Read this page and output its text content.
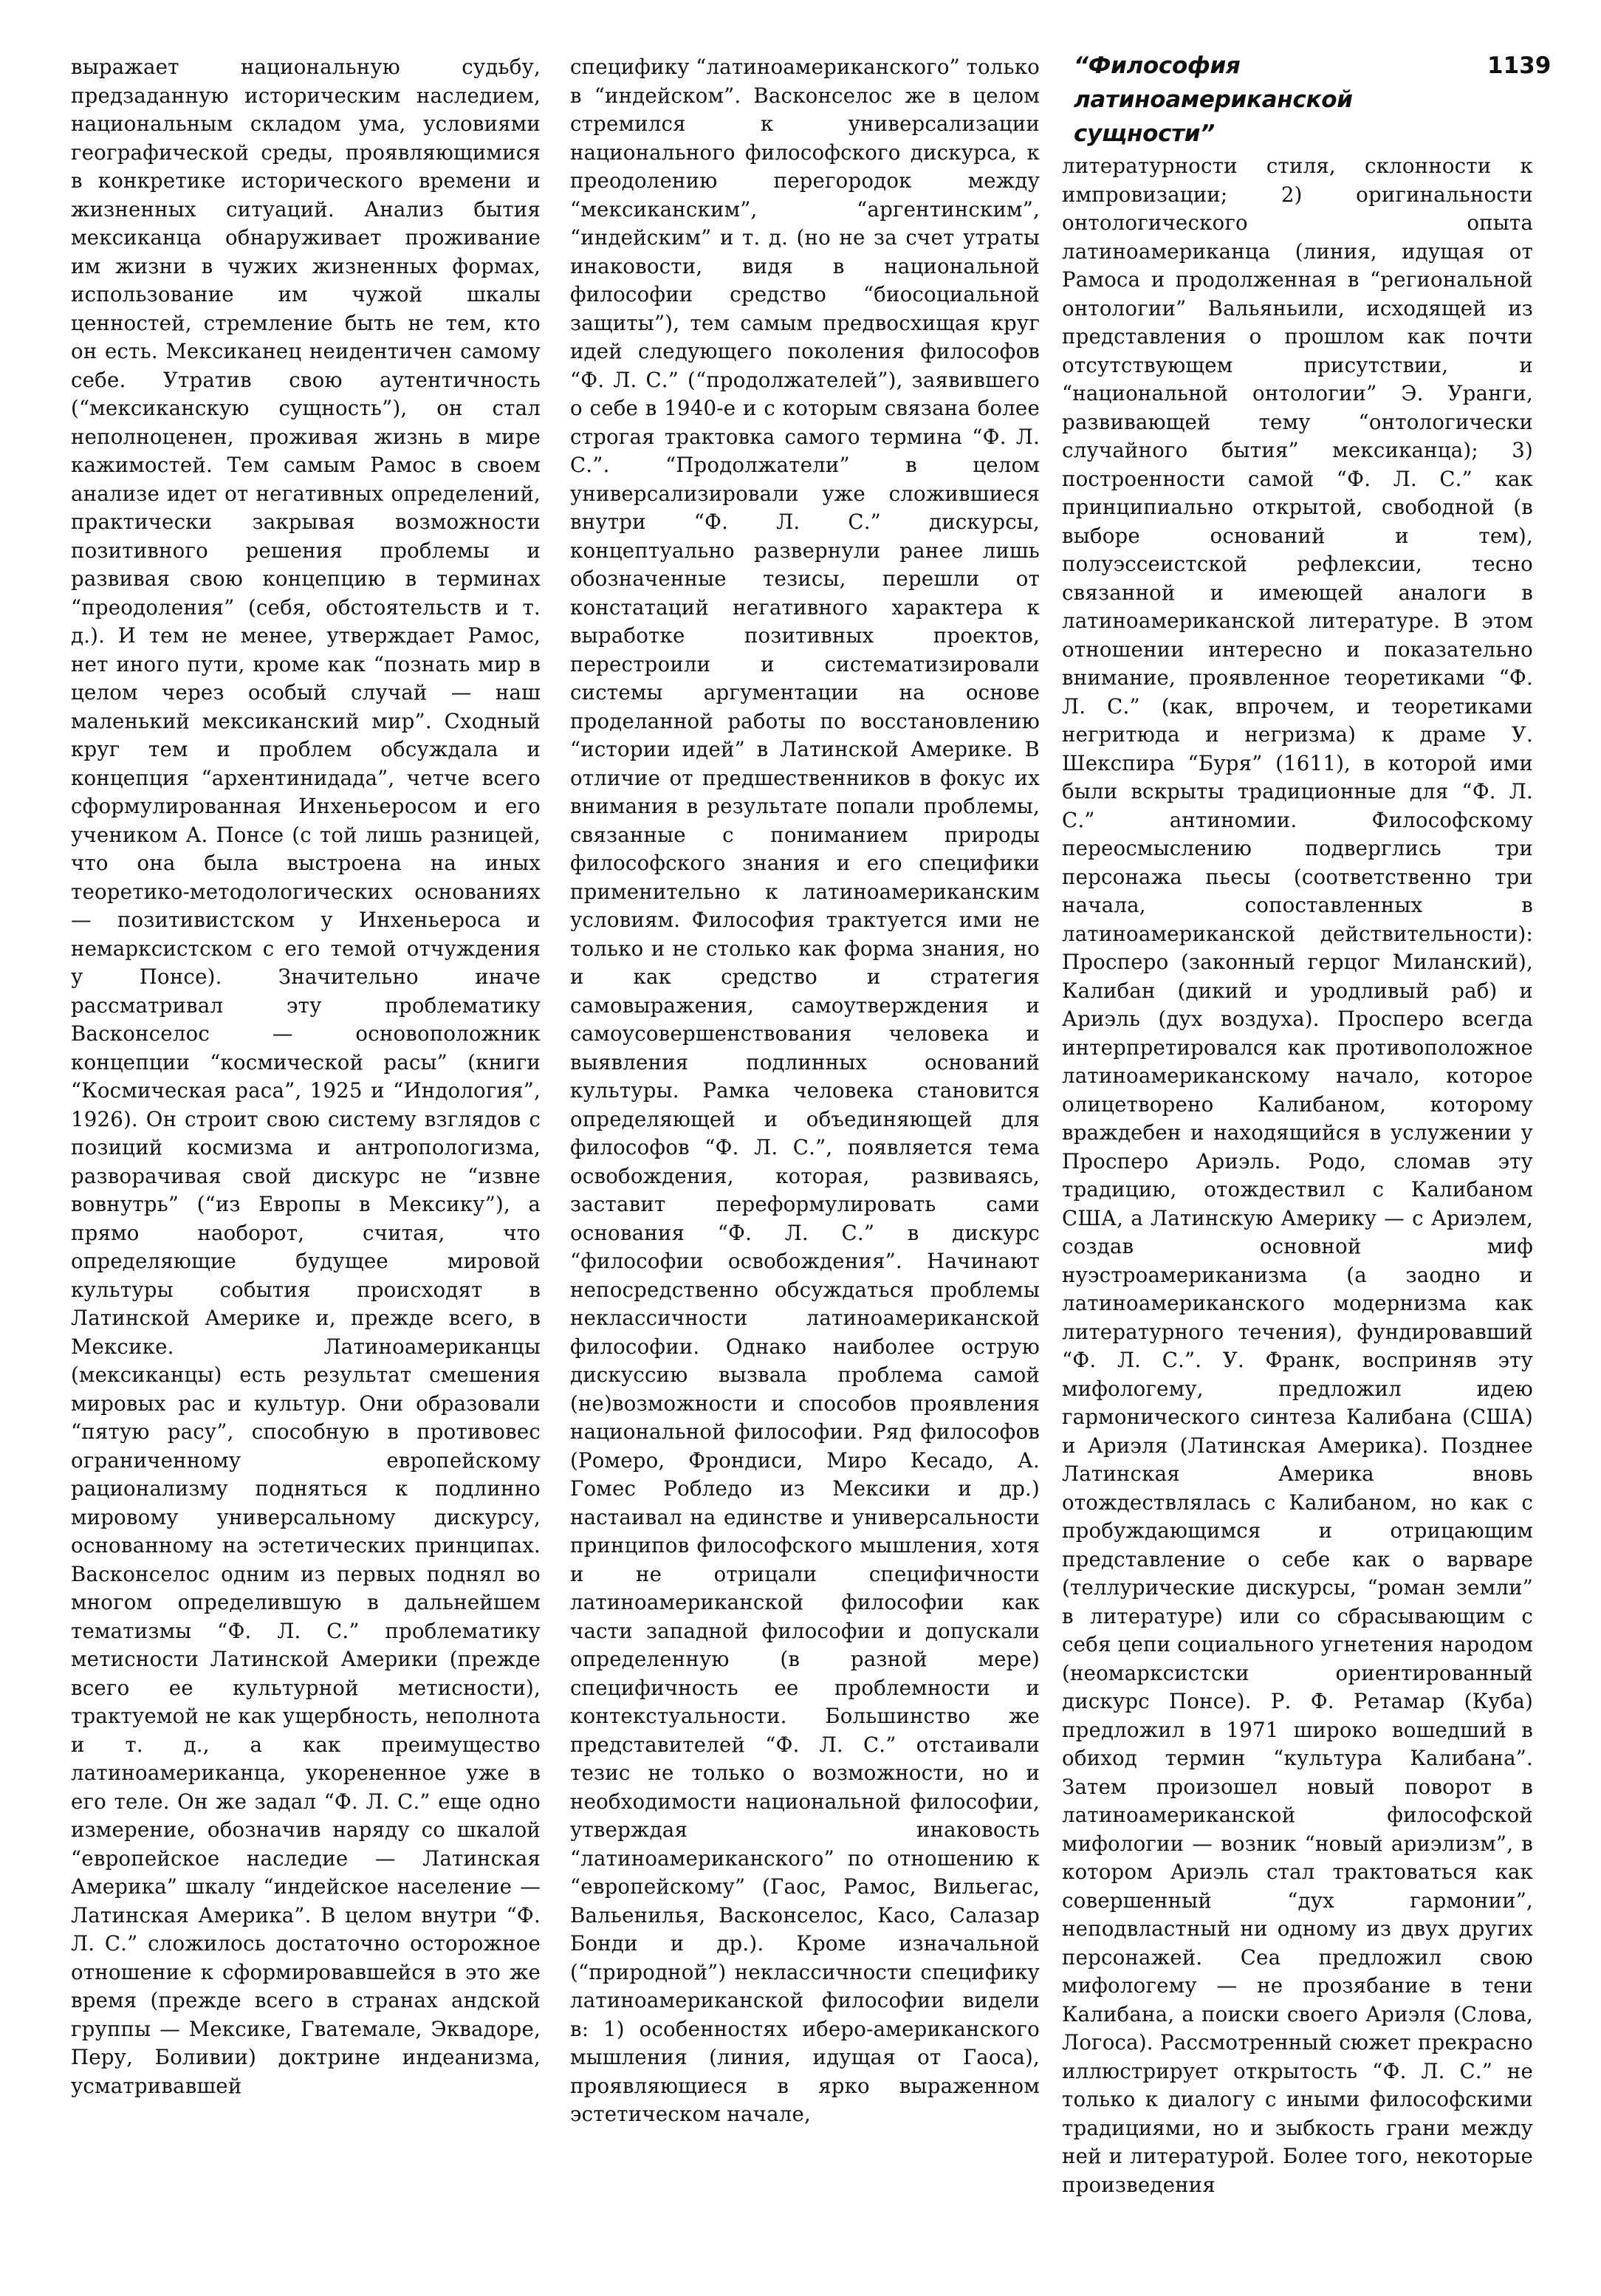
“Философия латиноамериканской сущности”
1139

выражает национальную судьбу, предзаданную историческим наследием, национальным складом ума, условиями географической среды, проявляющимися в конкретике исторического времени и жизненных ситуаций. Анализ бытия мексиканца обнаруживает проживание им жизни в чужих жизненных формах, использование им чужой шкалы ценностей, стремление быть не тем, кто он есть. Мексиканец неидентичен самому себе. Утратив свою аутентичность (“мексиканскую сущность”), он стал неполноценен, проживая жизнь в мире кажимостей. Тем самым Рамос в своем анализе идет от негативных определений, практически закрывая возможности позитивного решения проблемы и развивая свою концепцию в терминах “преодоления” (себя, обстоятельств и т. д.). И тем не менее, утверждает Рамос, нет иного пути, кроме как “познать мир в целом через особый случай — наш маленький мексиканский мир”. Сходный круг тем и проблем обсуждала и концепция “архентинидада”, четче всего сформулированная Инхеньеросом и его учеником А. Понсе (с той лишь разницей, что она была выстроена на иных теоретико-методологических основаниях — позитивистском у Инхеньероса и немарксистском с его темой отчуждения у Понсе). Значительно иначе рассматривал эту проблематику Васконселос — основоположник концепции “космической расы” (книги “Космическая раса”, 1925 и “Индология”, 1926). Он строит свою систему взглядов с позиций космизма и антропологизма, разворачивая свой дискурс не “извне вовнутрь” (“из Европы в Мексику”), а прямо наоборот, считая, что определяющие будущее мировой культуры события происходят в Латинской Америке и, прежде всего, в Мексике. Латиноамериканцы (мексиканцы) есть результат смешения мировых рас и культур. Они образовали “пятую расу”, способную в противовес ограниченному европейскому рационализму подняться к подлинно мировому универсальному дискурсу, основанному на эстетических принципах. Васконселос одним из первых поднял во многом определившую в дальнейшем тематизмы “Ф. Л. С.” проблематику метисности Латинской Америки (прежде всего ее культурной метисности), трактуемой не как ущербность, неполнота и т. д., а как преимущество латиноамериканца, укорененное уже в его теле. Он же задал “Ф. Л. С.” еще одно измерение, обозначив наряду со шкалой “европейское наследие — Латинская Америка” шкалу “индейское население — Латинская Америка”. В целом внутри “Ф. Л. С.” сложилось достаточно осторожное отношение к сформировавшейся в это же время (прежде всего в странах андской группы — Мексике, Гватемале, Эквадоре, Перу, Боливии) доктрине индеанизма, усматривавшей

специфику “латиноамериканского” только в “индейском”. Васконселос же в целом стремился к универсализации национального философского дискурса, к преодолению перегородок между “мексиканским”, “аргентинским”, “индейским” и т. д. (но не за счет утраты инаковости, видя в национальной философии средство “биосоциальной защиты”), тем самым предвосхищая круг идей следующего поколения философов “Ф. Л. С.” (“продолжателей”), заявившего о себе в 1940-е и с которым связана более строгая трактовка самого термина “Ф. Л. С.”. “Продолжатели” в целом универсализировали уже сложившиеся внутри “Ф. Л. С.” дискурсы, концептуально развернули ранее лишь обозначенные тезисы, перешли от констатаций негативного характера к выработке позитивных проектов, перестроили и систематизировали системы аргументации на основе проделанной работы по восстановлению “истории идей” в Латинской Америке. В отличие от предшественников в фокус их внимания в результате попали проблемы, связанные с пониманием природы философского знания и его специфики применительно к латиноамериканским условиям. Философия трактуется ими не только и не столько как форма знания, но и как средство и стратегия самовыражения, самоутверждения и самоусовершенствования человека и выявления подлинных оснований культуры. Рамка человека становится определяющей и объединяющей для философов “Ф. Л. С.”, появляется тема освобождения, которая, развиваясь, заставит переформулировать сами основания “Ф. Л. С.” в дискурс “философии освобождения”. Начинают непосредственно обсуждаться проблемы неклассичности латиноамериканской философии. Однако наиболее острую дискуссию вызвала проблема самой (не)возможности и способов проявления национальной философии. Ряд философов (Ромеро, Фрондиси, Миро Кесадо, А. Гомес Робледо из Мексики и др.) настаивал на единстве и универсальности принципов философского мышления, хотя и не отрицали специфичности латиноамериканской философии как части западной философии и допускали определенную (в разной мере) специфичность ее проблемности и контекстуальности. Большинство же представителей “Ф. Л. С.” отстаивали тезис не только о возможности, но и необходимости национальной философии, утверждая инаковость “латиноамериканского” по отношению к “европейскому” (Гаос, Рамос, Вильегас, Вальенилья, Васконселос, Касо, Салазар Бонди и др.). Кроме изначальной (“природной”) неклассичности специфику латиноамериканской философии видели в: 1) особенностях иберо-американского мышления (линия, идущая от Гаоса), проявляющиеся в ярко выраженном эстетическом начале,

литературности стиля, склонности к импровизации; 2) оригинальности онтологического опыта латиноамериканца (линия, идущая от Рамоса и продолженная в “региональной онтологии” Вальяньили, исходящей из представления о прошлом как почти отсутствующем присутствии, и “национальной онтологии” Э. Уранги, развивающей тему “онтологически случайного бытия” мексиканца); 3) построенности самой “Ф. Л. С.” как принципиально открытой, свободной (в выборе оснований и тем), полуэссеистской рефлексии, тесно связанной и имеющей аналоги в латиноамериканской литературе. В этом отношении интересно и показательно внимание, проявленное теоретиками “Ф. Л. С.” (как, впрочем, и теоретиками негритюда и негризма) к драме У. Шекспира “Буря” (1611), в которой ими были вскрыты традиционные для “Ф. Л. С.” антиномии. Философскому переосмыслению подверглись три персонажа пьесы (соответственно три начала, сопоставленных в латиноамериканской действительности): Просперо (законный герцог Миланский), Калибан (дикий и уродливый раб) и Ариэль (дух воздуха). Просперо всегда интерпретировался как противоположное латиноамериканскому начало, которое олицетворено Калибаном, которому враждебен и находящийся в услужении у Просперо Ариэль. Родо, сломав эту традицию, отождествил с Калибаном США, а Латинскую Америку — с Ариэлем, создав основной миф нуэстроамериканизма (а заодно и латиноамериканского модернизма как литературного течения), фундировавший “Ф. Л. С.”. У. Франк, восприняв эту мифологему, предложил идею гармонического синтеза Калибана (США) и Ариэля (Латинская Америка). Позднее Латинская Америка вновь отождествлялась с Калибаном, но как с пробуждающимся и отрицающим представление о себе как о варваре (теллурические дискурсы, “роман земли” в литературе) или со сбрасывающим с себя цепи социального угнетения народом (неомарксистски ориентированный дискурс Понсе). Р. Ф. Ретамар (Куба) предложил в 1971 широко вошедший в обиход термин “культура Калибана”. Затем произошел новый поворот в латиноамериканской философской мифологии — возник “новый ариэлизм”, в котором Ариэль стал трактоваться как совершенный “дух гармонии”, неподвластный ни одному из двух других персонажей. Сеа предложил свою мифологему — не прозябание в тени Калибана, а поиски своего Ариэля (Слова, Логоса). Рассмотренный сюжет прекрасно иллюстрирует открытость “Ф. Л. С.” не только к диалогу с иными философскими традициями, но и зыбкость грани между ней и литературой. Более того, некоторые произведения
